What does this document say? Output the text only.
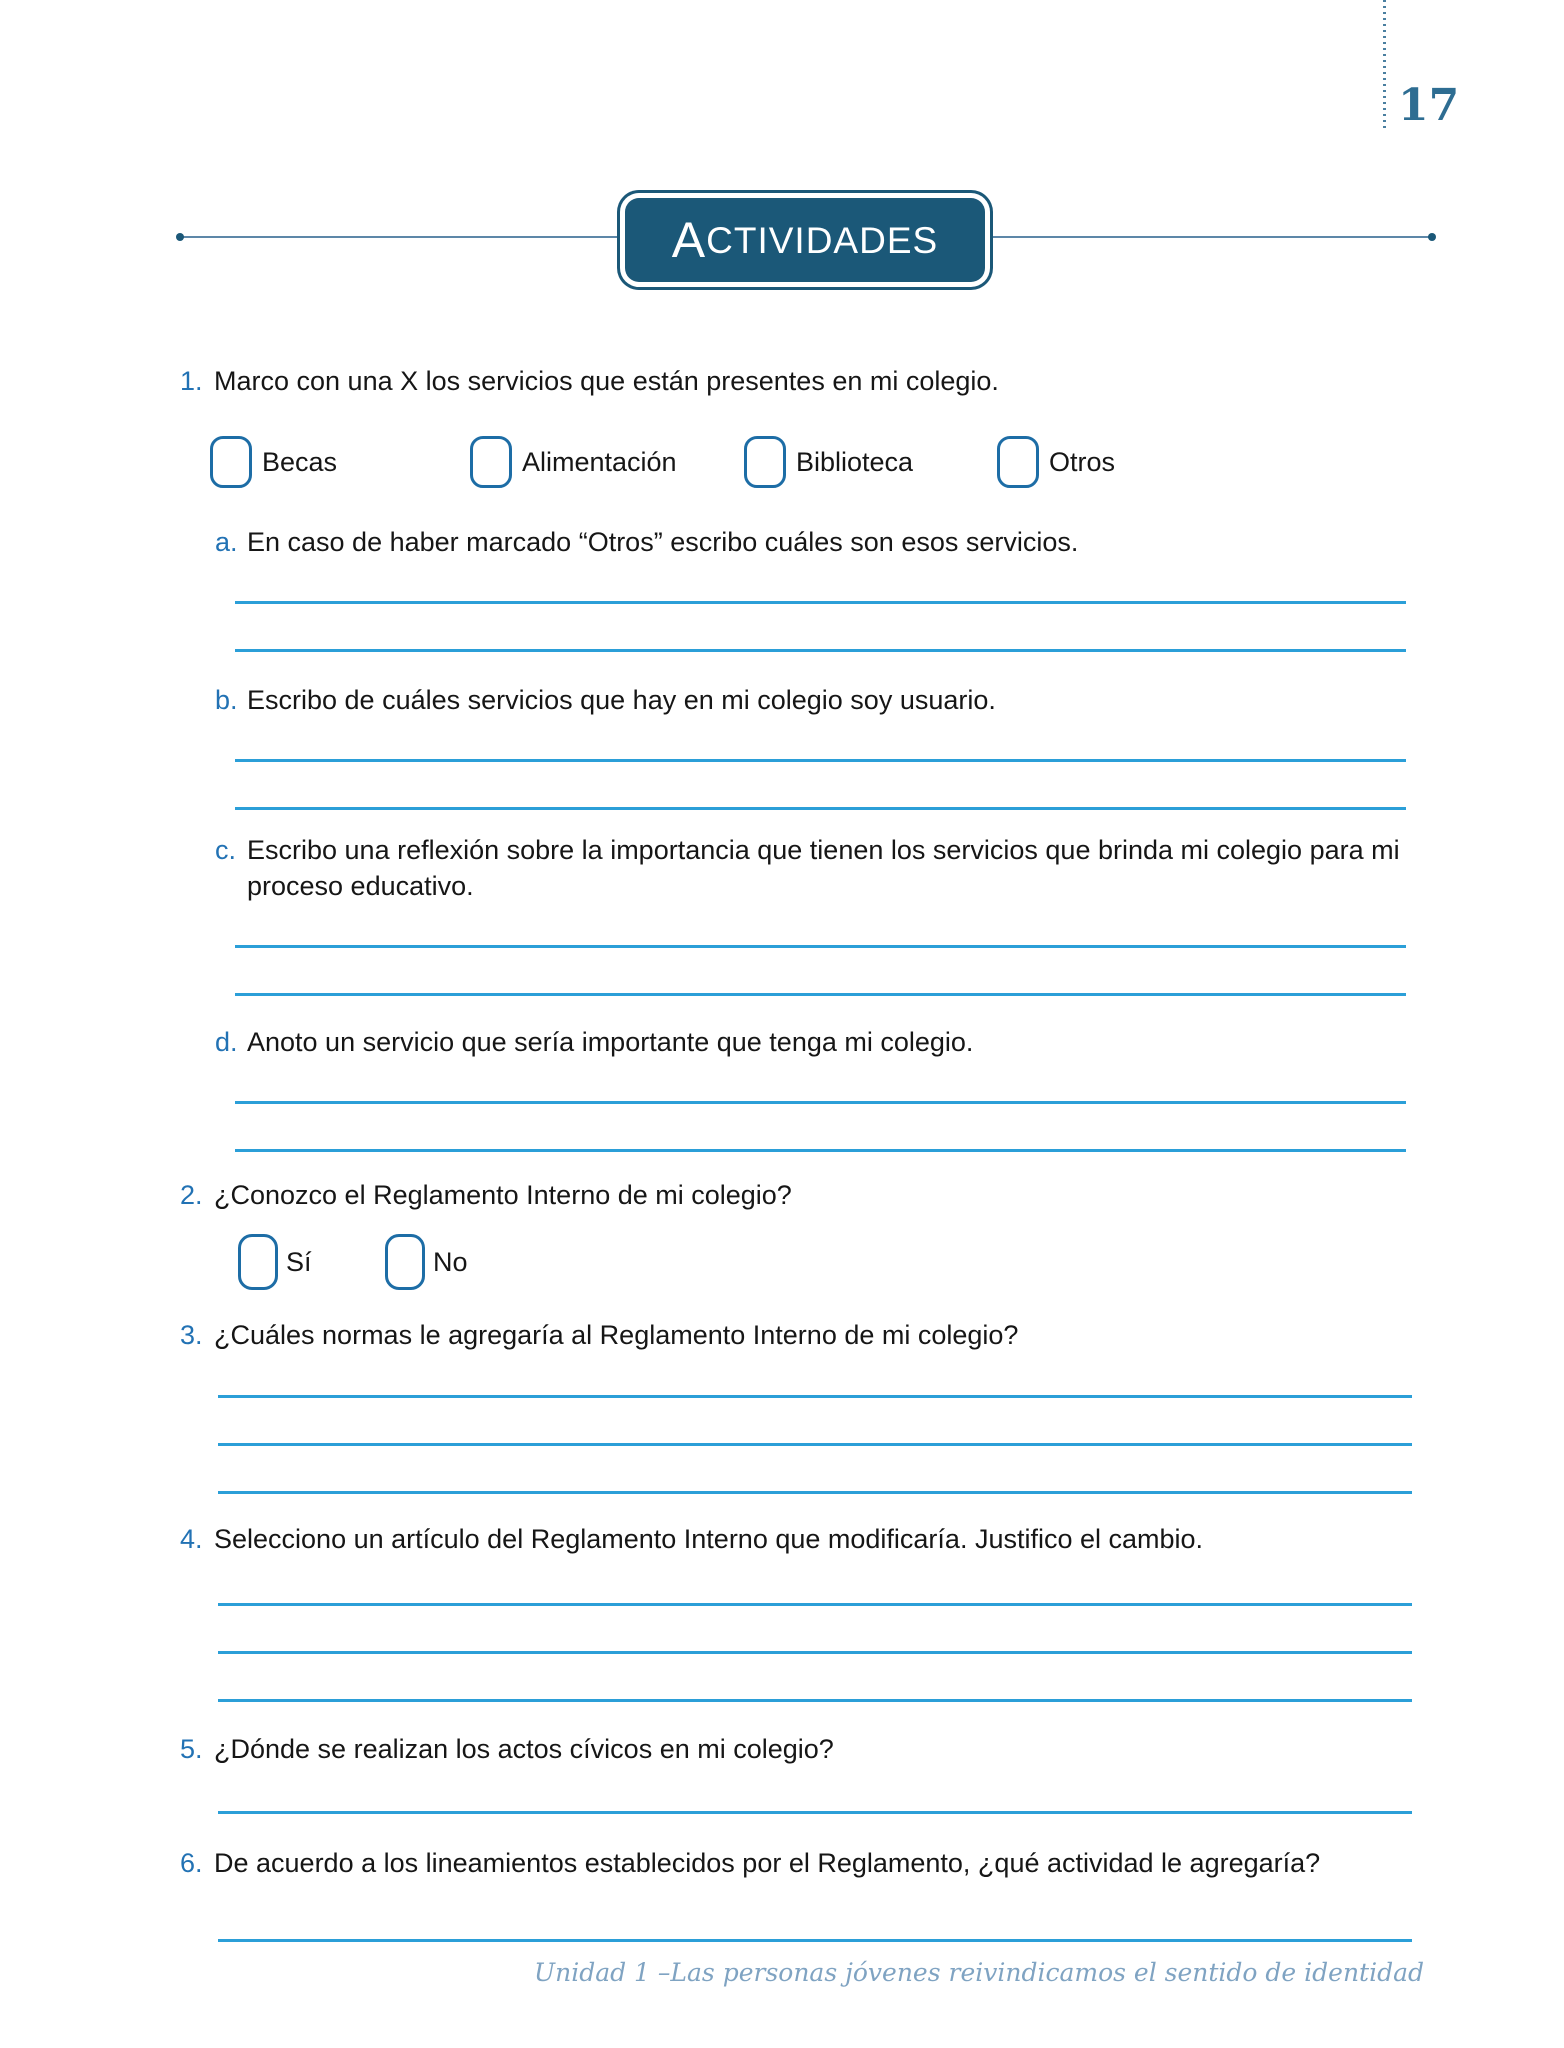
17
A CTIVIDADES
1. Marco con una X los servicios que están presentes en mi colegio.
Becas	Alimentación	Biblioteca	Otros
a. En caso de haber marcado “Otros” escribo cuáles son esos servicios.
b. Escribo de cuáles servicios que hay en mi colegio soy usuario.
c. Escribo una reflexión sobre la importancia que tienen los servicios que brinda mi colegio para mi proceso educativo.
d. Anoto un servicio que sería importante que tenga mi colegio.
2. ¿Conozco el Reglamento Interno de mi colegio?
Sí	No
3. ¿Cuáles normas le agregaría al Reglamento Interno de mi colegio?
4. Selecciono un artículo del Reglamento Interno que modificaría. Justifico el cambio.
5. ¿Dónde se realizan los actos cívicos en mi colegio?
6. De acuerdo a los lineamientos establecidos por el Reglamento, ¿qué actividad le agregaría?
Unidad 1 –Las personas jóvenes reivindicamos el sentido de identidad
